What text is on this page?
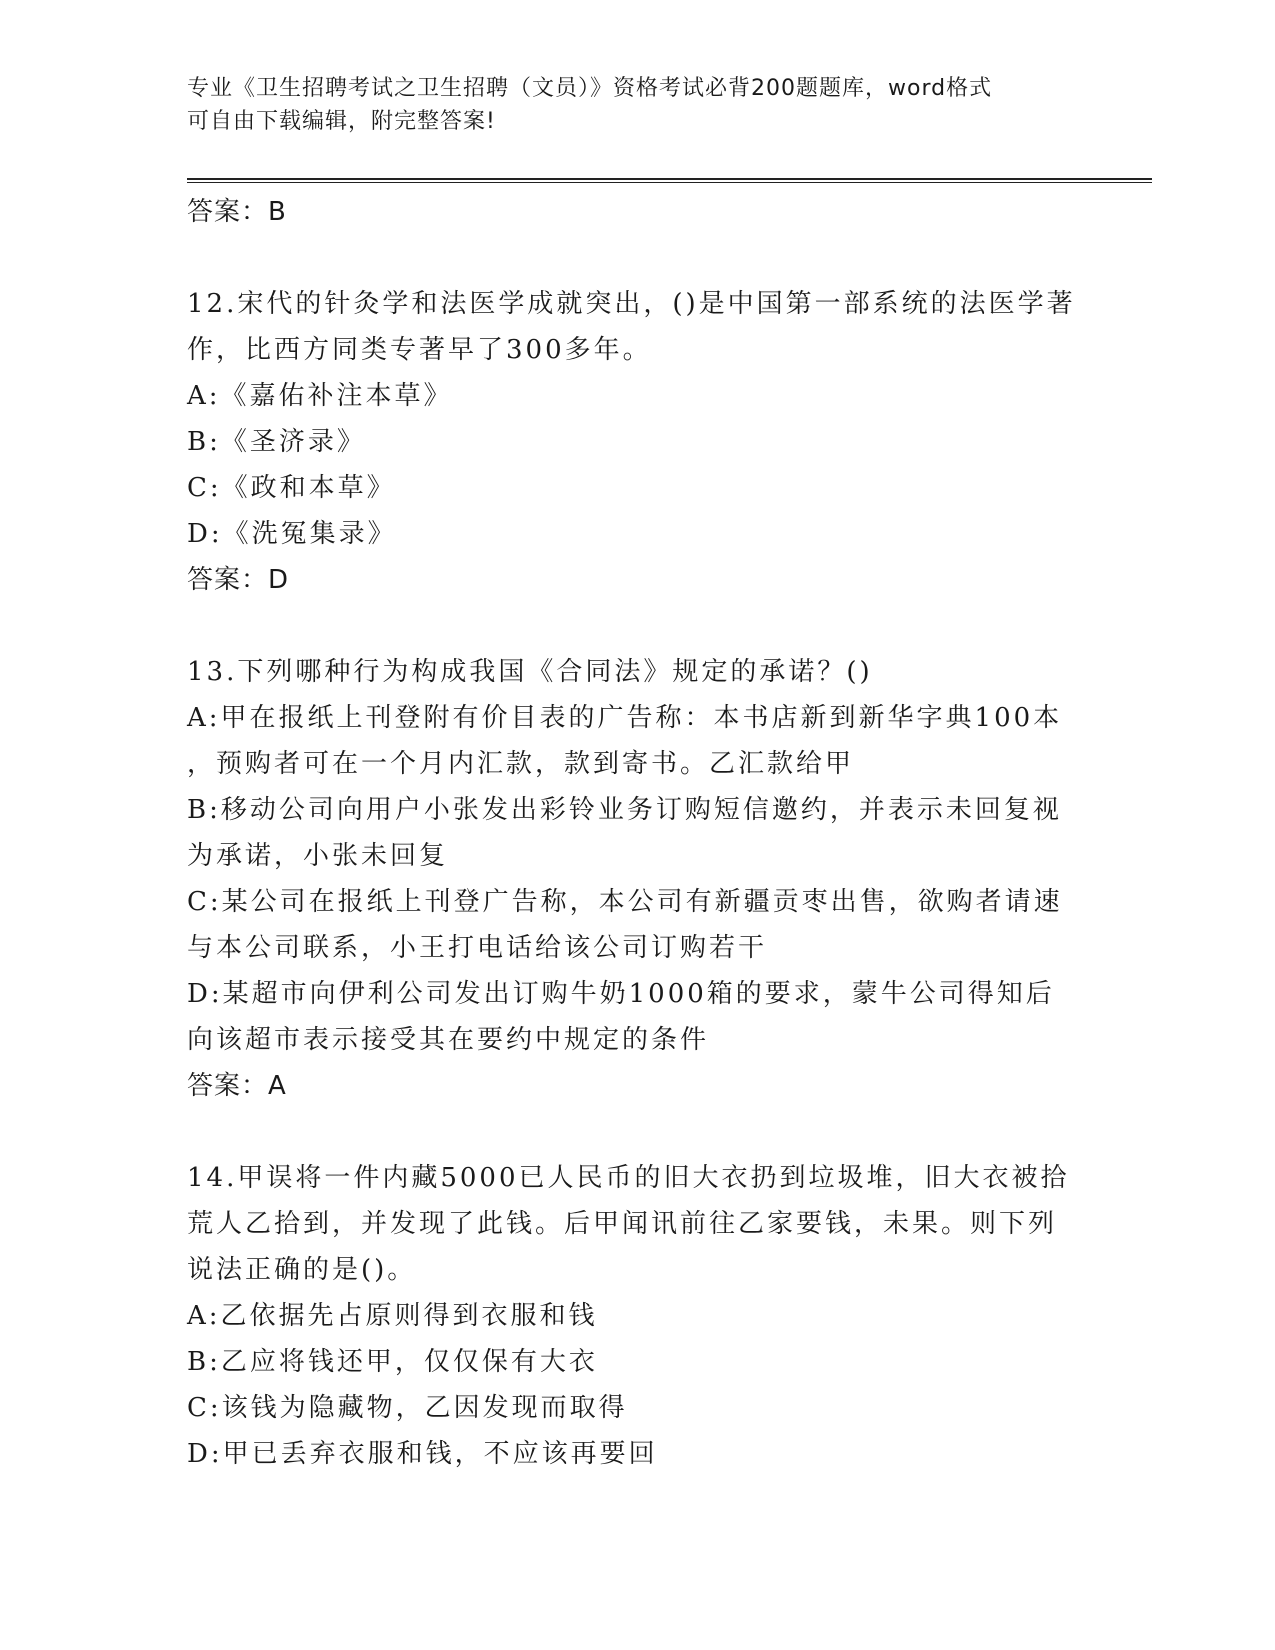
专业《卫生招聘考试之卫生招聘（文员）》资格考试必背200题题库，word格式
可自由下载编辑，附完整答案!
答案：B
12.宋代的针灸学和法医学成就突出，()是中国第一部系统的法医学著
作，比西方同类专著早了300多年。
A:《嘉佑补注本草》
B:《圣济录》
C:《政和本草》
D:《洗冤集录》
答案：D
13.下列哪种行为构成我国《合同法》规定的承诺？()
A:甲在报纸上刊登附有价目表的广告称：本书店新到新华字典100本
，预购者可在一个月内汇款，款到寄书。乙汇款给甲
B:移动公司向用户小张发出彩铃业务订购短信邀约，并表示未回复视
为承诺，小张未回复
C:某公司在报纸上刊登广告称，本公司有新疆贡枣出售，欲购者请速
与本公司联系，小王打电话给该公司订购若干
D:某超市向伊利公司发出订购牛奶1000箱的要求，蒙牛公司得知后
向该超市表示接受其在要约中规定的条件
答案：A
14.甲误将一件内藏5000已人民币的旧大衣扔到垃圾堆，旧大衣被拾
荒人乙拾到，并发现了此钱。后甲闻讯前往乙家要钱，未果。则下列
说法正确的是()。
A:乙依据先占原则得到衣服和钱
B:乙应将钱还甲，仅仅保有大衣
C:该钱为隐藏物，乙因发现而取得
D:甲已丢弃衣服和钱，不应该再要回
